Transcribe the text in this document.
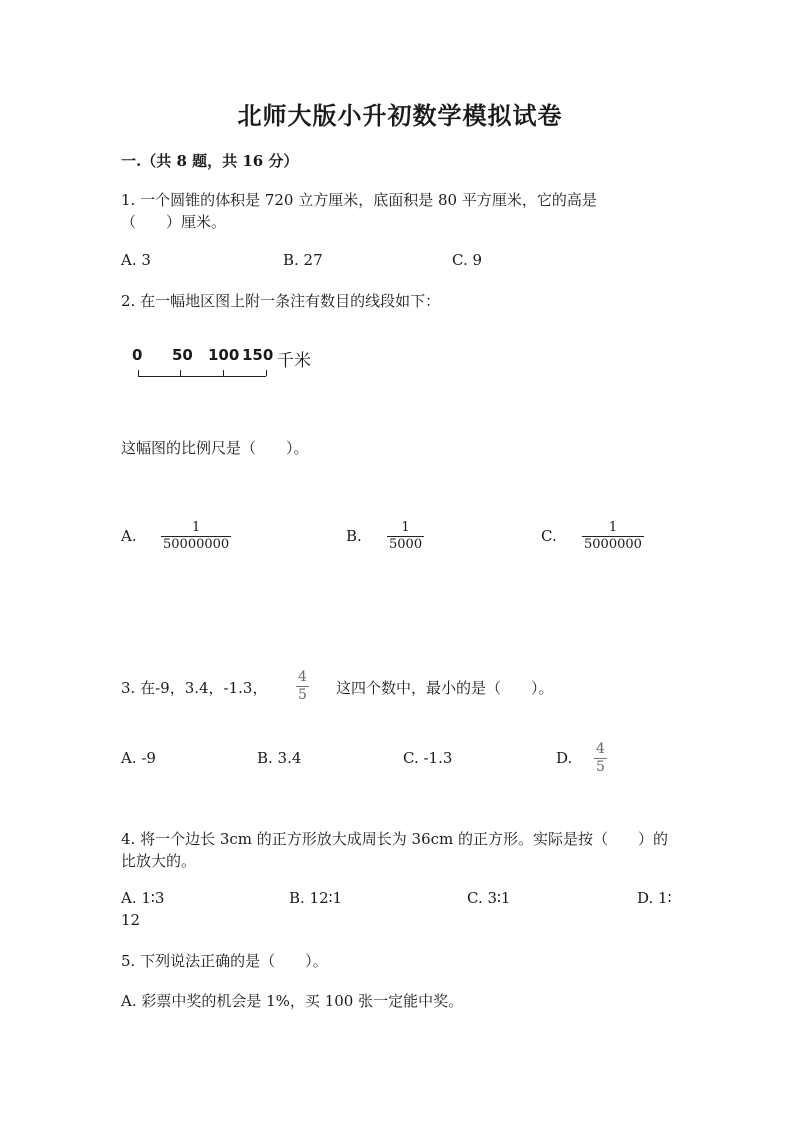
北师大版小升初数学模拟试卷
一.（共 8 题，共 16 分）
1. 一个圆锥的体积是 720 立方厘米，底面积是 80 平方厘米，它的高是
（　　）厘米。
A. 3	B. 27	C. 9
2. 在一幅地区图上附一条注有数目的线段如下：
0 50 100 150 千米
这幅图的比例尺是（　　）。
A. $\frac{1}{50000000}$	B. $\frac{1}{5000}$	C. $\frac{1}{5000000}$
3. 在-9，3.4，-1.3， $\frac{4}{5}$ 这四个数中，最小的是（　　）。
A. -9	B. 3.4	C. -1.3	D. $\frac{4}{5}$
4. 将一个边长 3cm 的正方形放大成周长为 36cm 的正方形。实际是按（　　）的
比放大的。
A. 1∶3	B. 12∶1	C. 3∶1	D. 1∶
12
5. 下列说法正确的是（　　）。
A. 彩票中奖的机会是 1%，买 100 张一定能中奖。
